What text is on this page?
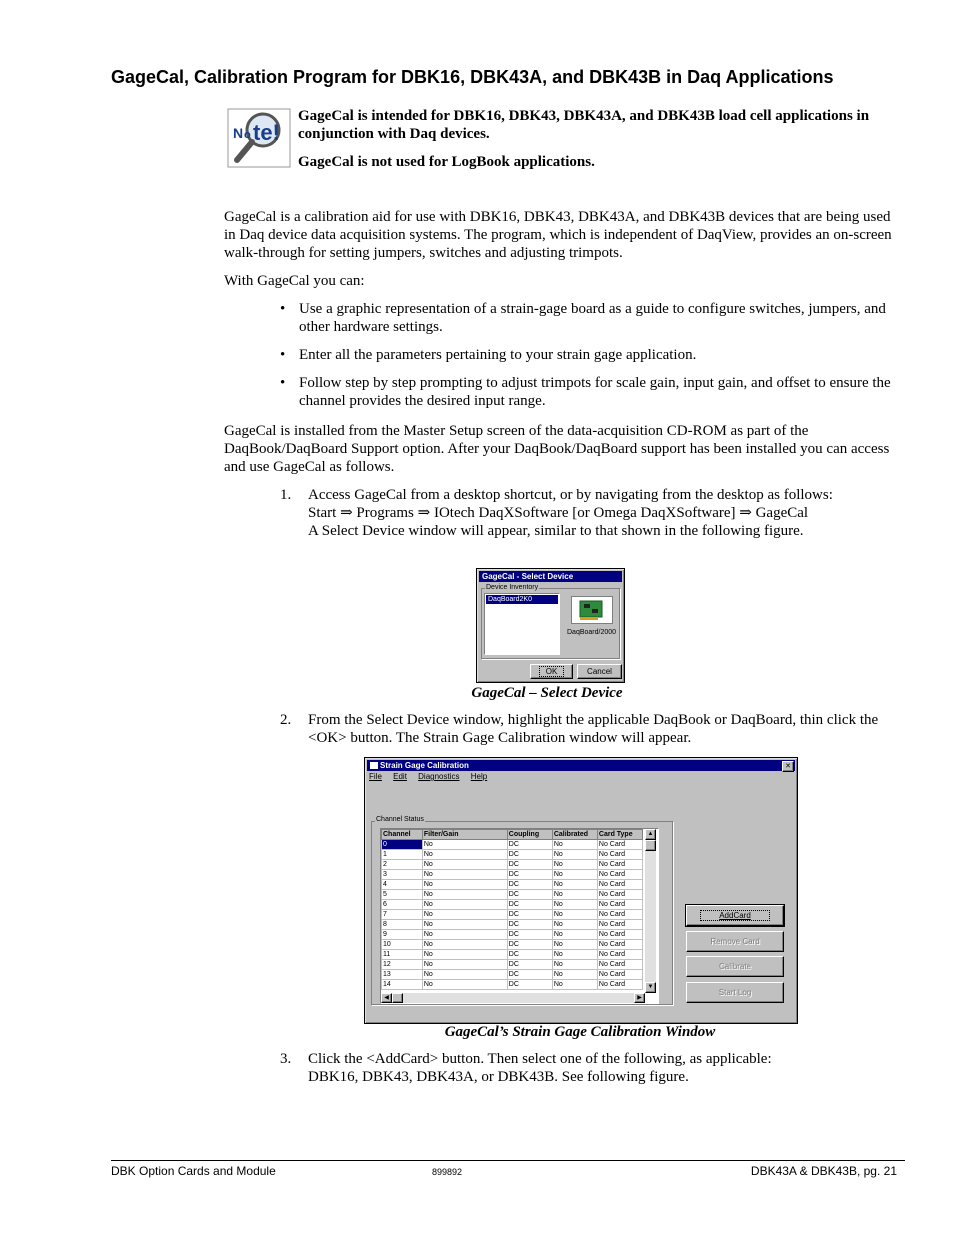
GageCal, Calibration Program for DBK16, DBK43A, and DBK43B in Daq Applications
N o te!

GageCal is intended for DBK16, DBK43, DBK43A, and DBK43B load cell applications in conjunction with Daq devices.

GageCal is not used for LogBook applications.

GageCal is a calibration aid for use with DBK16, DBK43, DBK43A, and DBK43B devices that are being used in Daq device data acquisition systems. The program, which is independent of DaqView, provides an on-screen walk-through for setting jumpers, switches and adjusting trimpots.
With GageCal you can:
• Use a graphic representation of a strain-gage board as a guide to configure switches, jumpers, and other hardware settings.
• Enter all the parameters pertaining to your strain gage application.
• Follow step by step prompting to adjust trimpots for scale gain, input gain, and offset to ensure the channel provides the desired input range.
GageCal is installed from the Master Setup screen of the data-acquisition CD-ROM as part of the DaqBook/DaqBoard Support option. After your DaqBook/DaqBoard support has been installed you can access and use GageCal as follows.
1. Access GageCal from a desktop shortcut, or by navigating from the desktop as follows:
Start ⇒ Programs ⇒ IOtech DaqXSoftware [or Omega DaqXSoftware] ⇒ GageCal
A Select Device window will appear, similar to that shown in the following figure.
GageCal - Select Device
Device Inventory
DaqBoard2K0
DaqBoard/2000
OK	Cancel
GageCal – Select Device
2. From the Select Device window, highlight the applicable DaqBook or DaqBoard, thin click the <OK> button. The Strain Gage Calibration window will appear.
Strain Gage Calibration	✕
File Edit Diagnostics Help
Channel Status
Channel	Filter/Gain	Coupling	Calibrated	Card Type
0	No	DC	No	No Card
1	No	DC	No	No Card
2	No	DC	No	No Card
3	No	DC	No	No Card
4	No	DC	No	No Card
5	No	DC	No	No Card
6	No	DC	No	No Card
7	No	DC	No	No Card
8	No	DC	No	No Card
9	No	DC	No	No Card
10	No	DC	No	No Card
11	No	DC	No	No Card
12	No	DC	No	No Card
13	No	DC	No	No Card
14	No	DC	No	No Card
▲
▼
◀	▶
AddCard
Remove Card
Calibrate
Start Log
GageCal’s Strain Gage Calibration Window
3. Click the <AddCard> button. Then select one of the following, as applicable: DBK16, DBK43, DBK43A, or DBK43B. See following figure.
DBK Option Cards and Module	899892	DBK43A & DBK43B, pg. 21
